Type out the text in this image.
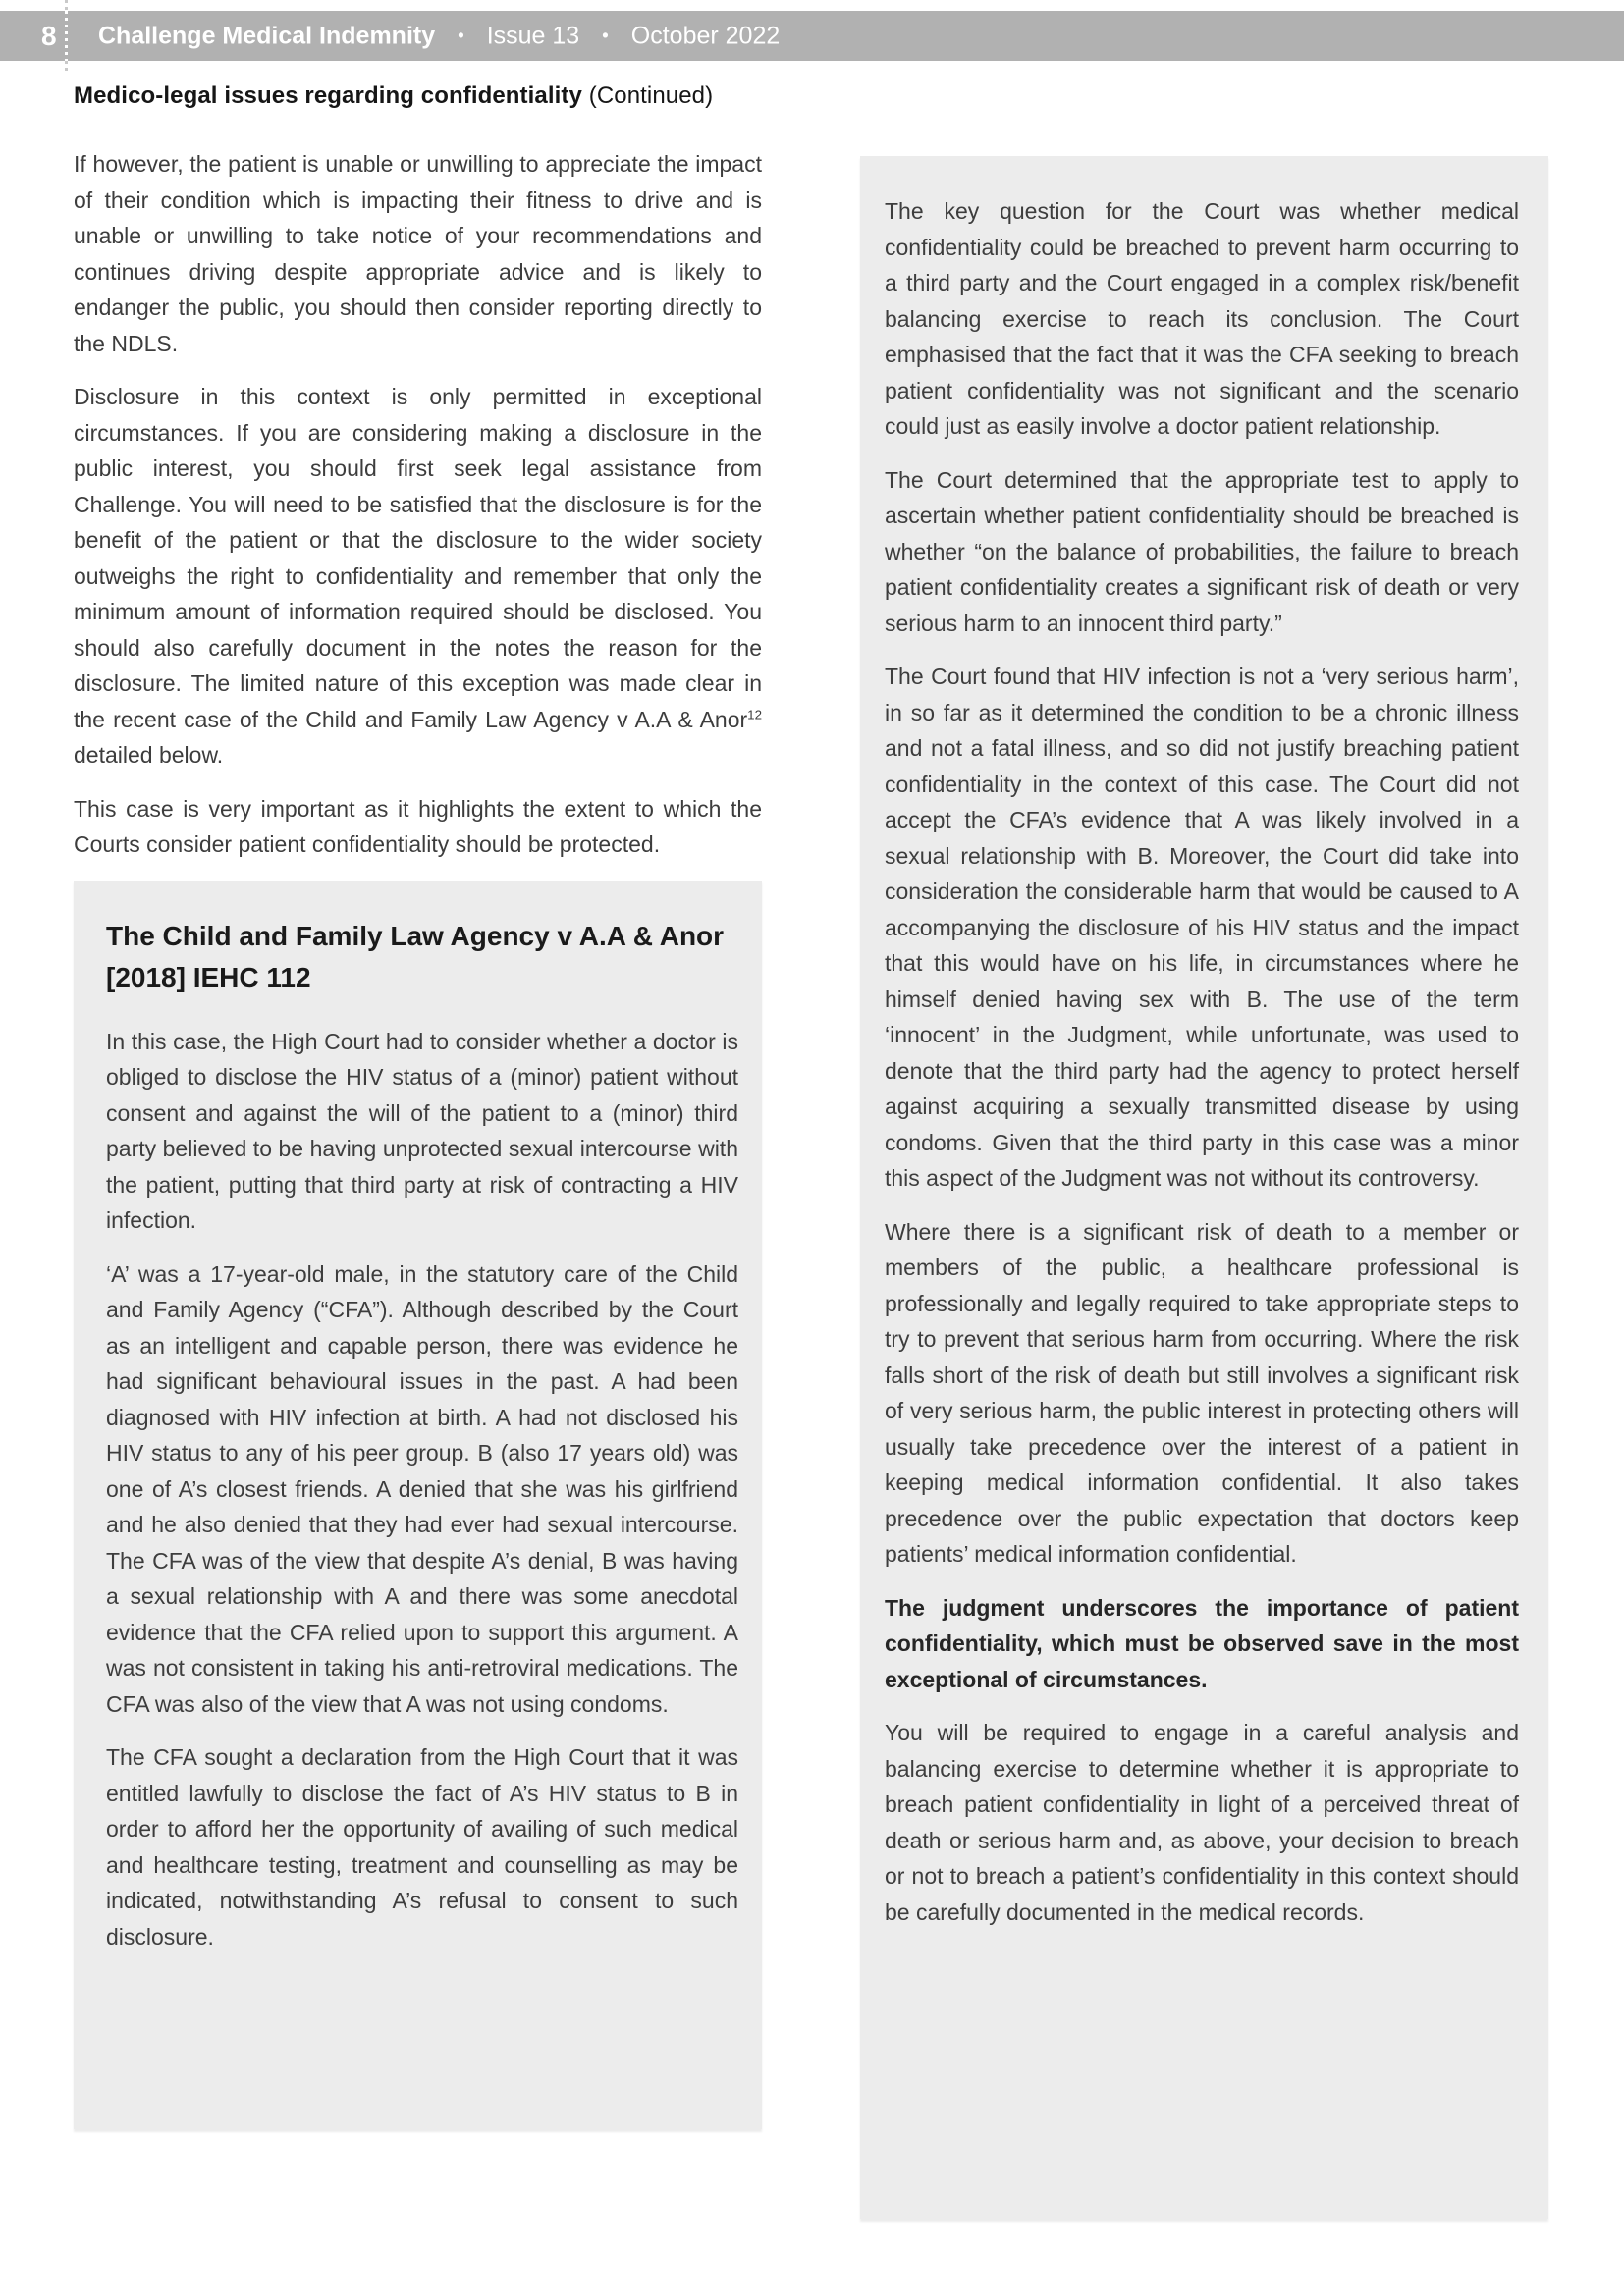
8 Challenge Medical Indemnity • Issue 13 • October 2022
Medico-legal issues regarding confidentiality (Continued)

If however, the patient is unable or unwilling to appreciate the impact of their condition which is impacting their fitness to drive and is unable or unwilling to take notice of your recommendations and continues driving despite appropriate advice and is likely to endanger the public, you should then consider reporting directly to the NDLS.

Disclosure in this context is only permitted in exceptional circumstances. If you are considering making a disclosure in the public interest, you should first seek legal assistance from Challenge. You will need to be satisfied that the disclosure is for the benefit of the patient or that the disclosure to the wider society outweighs the right to confidentiality and remember that only the minimum amount of information required should be disclosed. You should also carefully document in the notes the reason for the disclosure. The limited nature of this exception was made clear in the recent case of the Child and Family Law Agency v A.A & Anor$^{12}$ detailed below.

This case is very important as it highlights the extent to which the Courts consider patient confidentiality should be protected.

The Child and Family Law Agency v A.A & Anor [2018] IEHC 112

In this case, the High Court had to consider whether a doctor is obliged to disclose the HIV status of a (minor) patient without consent and against the will of the patient to a (minor) third party believed to be having unprotected sexual intercourse with the patient, putting that third party at risk of contracting a HIV infection.

‘A’ was a 17-year-old male, in the statutory care of the Child and Family Agency (“CFA”). Although described by the Court as an intelligent and capable person, there was evidence he had significant behavioural issues in the past. A had been diagnosed with HIV infection at birth. A had not disclosed his HIV status to any of his peer group. B (also 17 years old) was one of A’s closest friends. A denied that she was his girlfriend and he also denied that they had ever had sexual intercourse. The CFA was of the view that despite A’s denial, B was having a sexual relationship with A and there was some anecdotal evidence that the CFA relied upon to support this argument. A was not consistent in taking his anti-retroviral medications. The CFA was also of the view that A was not using condoms.

The CFA sought a declaration from the High Court that it was entitled lawfully to disclose the fact of A’s HIV status to B in order to afford her the opportunity of availing of such medical and healthcare testing, treatment and counselling as may be indicated, notwithstanding A’s refusal to consent to such disclosure.

The key question for the Court was whether medical confidentiality could be breached to prevent harm occurring to a third party and the Court engaged in a complex risk/benefit balancing exercise to reach its conclusion. The Court emphasised that the fact that it was the CFA seeking to breach patient confidentiality was not significant and the scenario could just as easily involve a doctor patient relationship.

The Court determined that the appropriate test to apply to ascertain whether patient confidentiality should be breached is whether “on the balance of probabilities, the failure to breach patient confidentiality creates a significant risk of death or very serious harm to an innocent third party.”

The Court found that HIV infection is not a ‘very serious harm’, in so far as it determined the condition to be a chronic illness and not a fatal illness, and so did not justify breaching patient confidentiality in the context of this case. The Court did not accept the CFA’s evidence that A was likely involved in a sexual relationship with B. Moreover, the Court did take into consideration the considerable harm that would be caused to A accompanying the disclosure of his HIV status and the impact that this would have on his life, in circumstances where he himself denied having sex with B. The use of the term ‘innocent’ in the Judgment, while unfortunate, was used to denote that the third party had the agency to protect herself against acquiring a sexually transmitted disease by using condoms. Given that the third party in this case was a minor this aspect of the Judgment was not without its controversy.

Where there is a significant risk of death to a member or members of the public, a healthcare professional is professionally and legally required to take appropriate steps to try to prevent that serious harm from occurring. Where the risk falls short of the risk of death but still involves a significant risk of very serious harm, the public interest in protecting others will usually take precedence over the interest of a patient in keeping medical information confidential. It also takes precedence over the public expectation that doctors keep patients’ medical information confidential.

The judgment underscores the importance of patient confidentiality, which must be observed save in the most exceptional of circumstances.

You will be required to engage in a careful analysis and balancing exercise to determine whether it is appropriate to breach patient confidentiality in light of a perceived threat of death or serious harm and, as above, your decision to breach or not to breach a patient’s confidentiality in this context should be carefully documented in the medical records.
